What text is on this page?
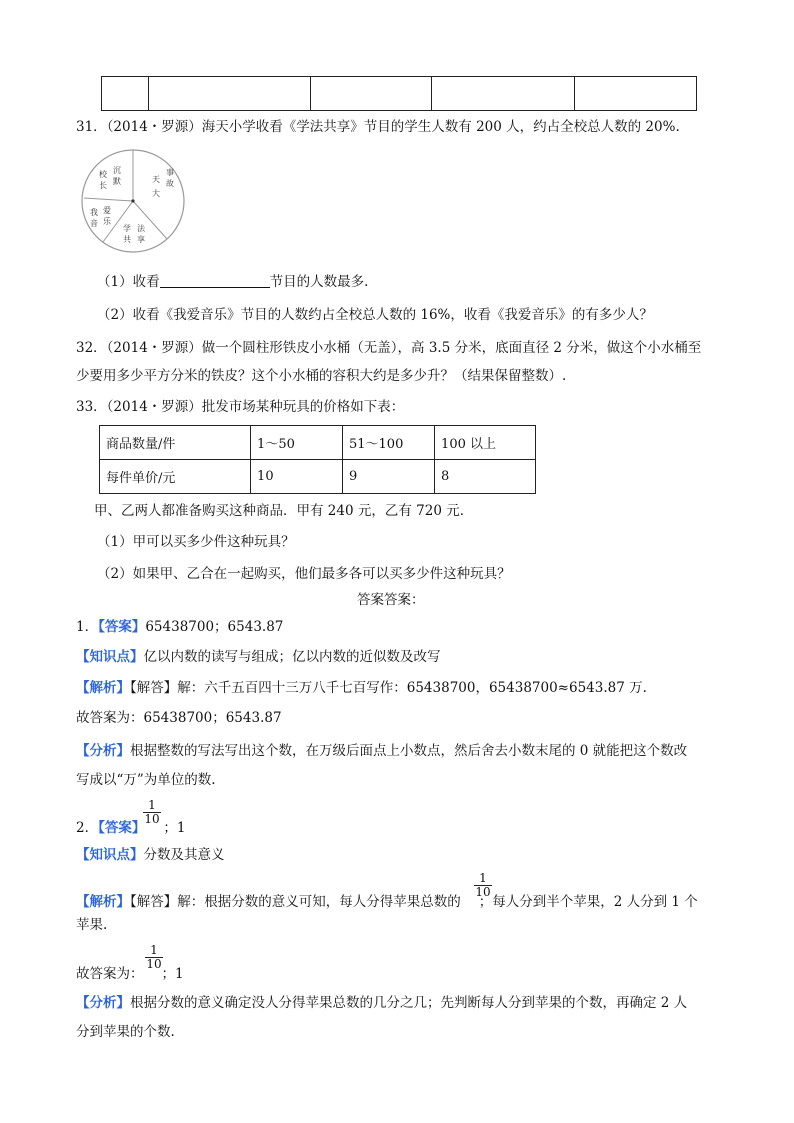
31．（2014・罗源）海天小学收看《学法共享》节目的学生人数有 200 人，约占全校总人数的 20%.
沉
默
校
长
事
故
天
大
爱
乐
我
音
法
享
学
共
（1）收看	节目的人数最多.
（2）收看《我爱音乐》节目的人数约占全校总人数的 16%，收看《我爱音乐》的有多少人？
32．（2014・罗源）做一个圆柱形铁皮小水桶（无盖），高 3.5 分米，底面直径 2 分米，做这个小水桶至
少要用多少平方分米的铁皮？这个小水桶的容积大约是多少升？（结果保留整数）.
33．（2014・罗源）批发市场某种玩具的价格如下表：
商品数量/件	1～50	51～100	100 以上
每件单价/元	10	9	8
甲、乙两人都准备购买这种商品．甲有 240 元，乙有 720 元．
（1）甲可以买多少件这种玩具？
（2）如果甲、乙合在一起购买，他们最多各可以买多少件这种玩具？
答案答案：
1．【答案】65438700；6543.87
【知识点】亿以内数的读写与组成；亿以内数的近似数及改写
【解析】【解答】解：六千五百四十三万八千七百写作：65438700，65438700≈6543.87 万.
故答案为：65438700；6543.87
【分析】根据整数的写法写出这个数，在万级后面点上小数点，然后舍去小数末尾的 0 就能把这个数改
写成以“万”为单位的数.
2．【答案】 ；1
$\frac{1}{10}$
【知识点】分数及其意义
【解析】【解答】解：根据分数的意义可知，每人分得苹果总数的 ；每人分到半个苹果，2 人分到 1 个
$\frac{1}{10}$
苹果.
故答案为： ；1
$\frac{1}{10}$
【分析】根据分数的意义确定没人分得苹果总数的几分之几；先判断每人分到苹果的个数，再确定 2 人
分到苹果的个数.
